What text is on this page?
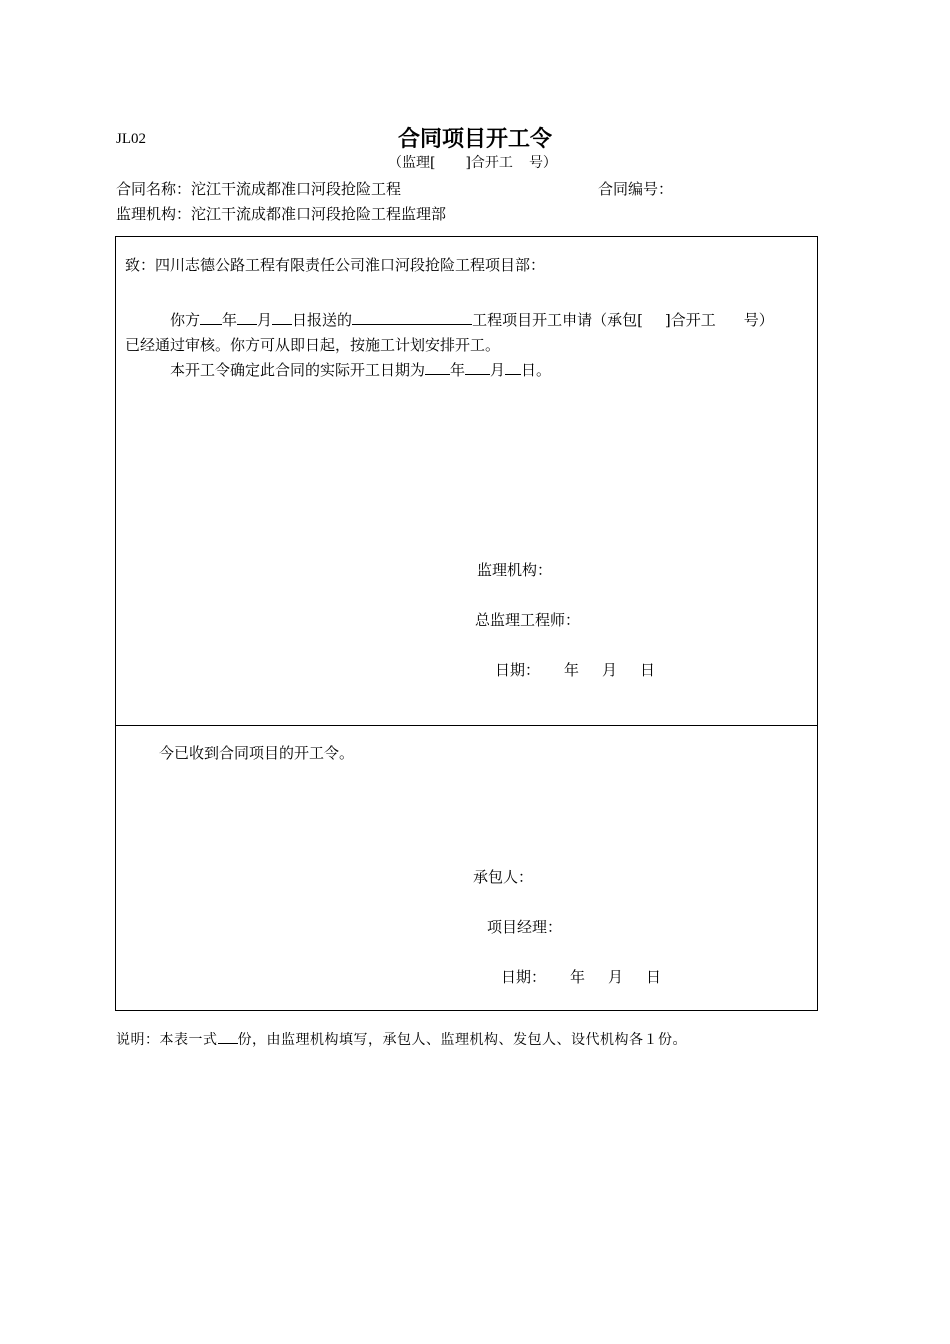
JL02	合同项目开工令
（监理[ ]合开工 号）
合同名称：沱江干流成都准口河段抢险工程	合同编号：
监理机构：沱江干流成都准口河段抢险工程监理部
致：四川志德公路工程有限责任公司淮口河段抢险工程项目部：
你方 年 月 日报送的	工程项目开工申请（承包[ ]合开工 号）
已经通过审核。你方可从即日起，按施工计划安排开工。
本开工令确定此合同的实际开工日期为 年 月 日。
监理机构：
总监理工程师：
日期： 年 月 日
今已收到合同项目的开工令。
承包人：
项目经理：
日期： 年 月 日
说明：本表一式 份，由监理机构填写，承包人、监理机构、发包人、设代机构各１份。
